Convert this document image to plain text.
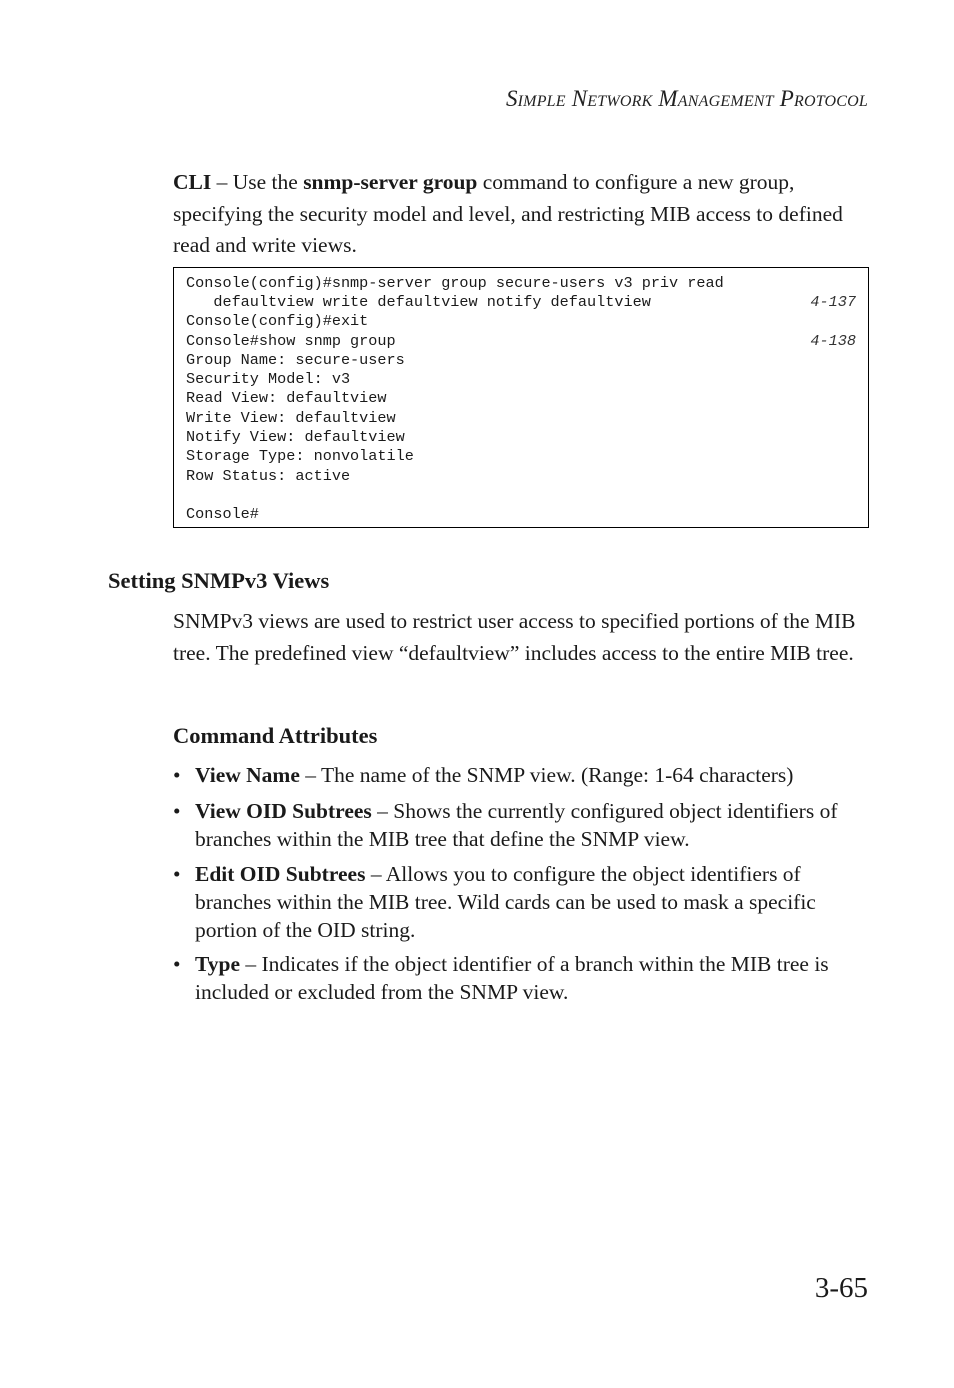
Simple Network Management Protocol

CLI – Use the snmp-server group command to configure a new group, specifying the security model and level, and restricting MIB access to defined read and write views.

Console(config)#snmp-server group secure-users v3 priv read
defaultview write defaultview notify defaultview	4-137
Console(config)#exit
Console#show snmp group	4-138
Group Name: secure-users
Security Model: v3
Read View: defaultview
Write View: defaultview
Notify View: defaultview
Storage Type: nonvolatile
Row Status: active
Console#
Setting SNMPv3 Views

SNMPv3 views are used to restrict user access to specified portions of the MIB tree. The predefined view “defaultview” includes access to the entire MIB tree.

Command Attributes
• View Name – The name of the SNMP view. (Range: 1-64 characters)
• View OID Subtrees – Shows the currently configured object identifiers of branches within the MIB tree that define the SNMP view.
• Edit OID Subtrees – Allows you to configure the object identifiers of branches within the MIB tree. Wild cards can be used to mask a specific portion of the OID string.
• Type – Indicates if the object identifier of a branch within the MIB tree is included or excluded from the SNMP view.
3-65
